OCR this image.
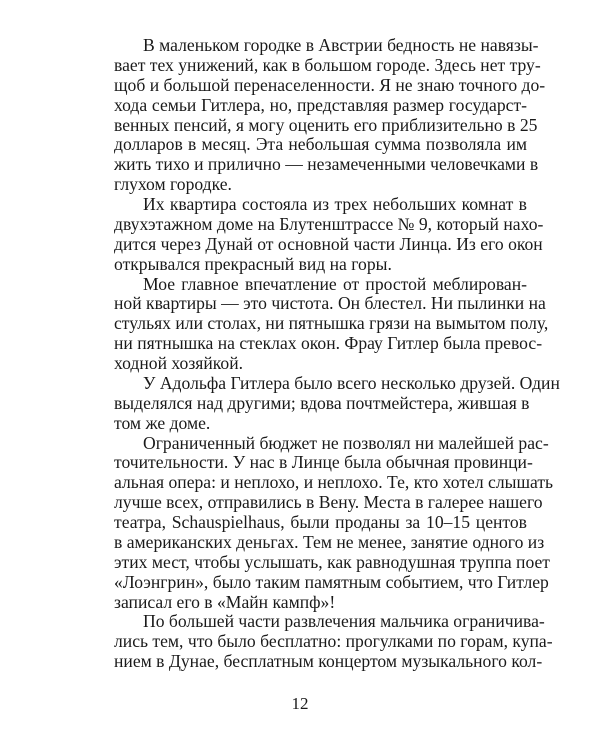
В маленьком городке в Австрии бедность не навязы-
вает тех унижений, как в большом городе. Здесь нет тру-
щоб и большой перенаселенности. Я не знаю точного до-
хода семьи Гитлера, но, представляя размер государст-
венных пенсий, я могу оценить его приблизительно в 25
долларов в месяц. Эта небольшая сумма позволяла им
жить тихо и прилично — незамеченными человечками в
глухом городке.
Их квартира состояла из трех небольших комнат в
двухэтажном доме на Блутенштрассе № 9, который нахо-
дится через Дунай от основной части Линца. Из его окон
открывался прекрасный вид на горы.
Мое главное впечатление от простой меблирован-
ной квартиры — это чистота. Он блестел. Ни пылинки на
стульях или столах, ни пятнышка грязи на вымытом полу,
ни пятнышка на стеклах окон. Фрау Гитлер была превос-
ходной хозяйкой.
У Адольфа Гитлера было всего несколько друзей. Один
выделялся над другими; вдова почтмейстера, жившая в
том же доме.
Ограниченный бюджет не позволял ни малейшей рас-
точительности. У нас в Линце была обычная провинци-
альная опера: и неплохо, и неплохо. Те, кто хотел слышать
лучше всех, отправились в Вену. Места в галерее нашего
театра, Schauspielhaus, были проданы за 10–15 центов
в американских деньгах. Тем не менее, занятие одного из
этих мест, чтобы услышать, как равнодушная труппа поет
«Лоэнгрин», было таким памятным событием, что Гитлер
записал его в «Майн кампф»!
По большей части развлечения мальчика ограничива-
лись тем, что было бесплатно: прогулками по горам, купа-
нием в Дунае, бесплатным концертом музыкального кол-
12
